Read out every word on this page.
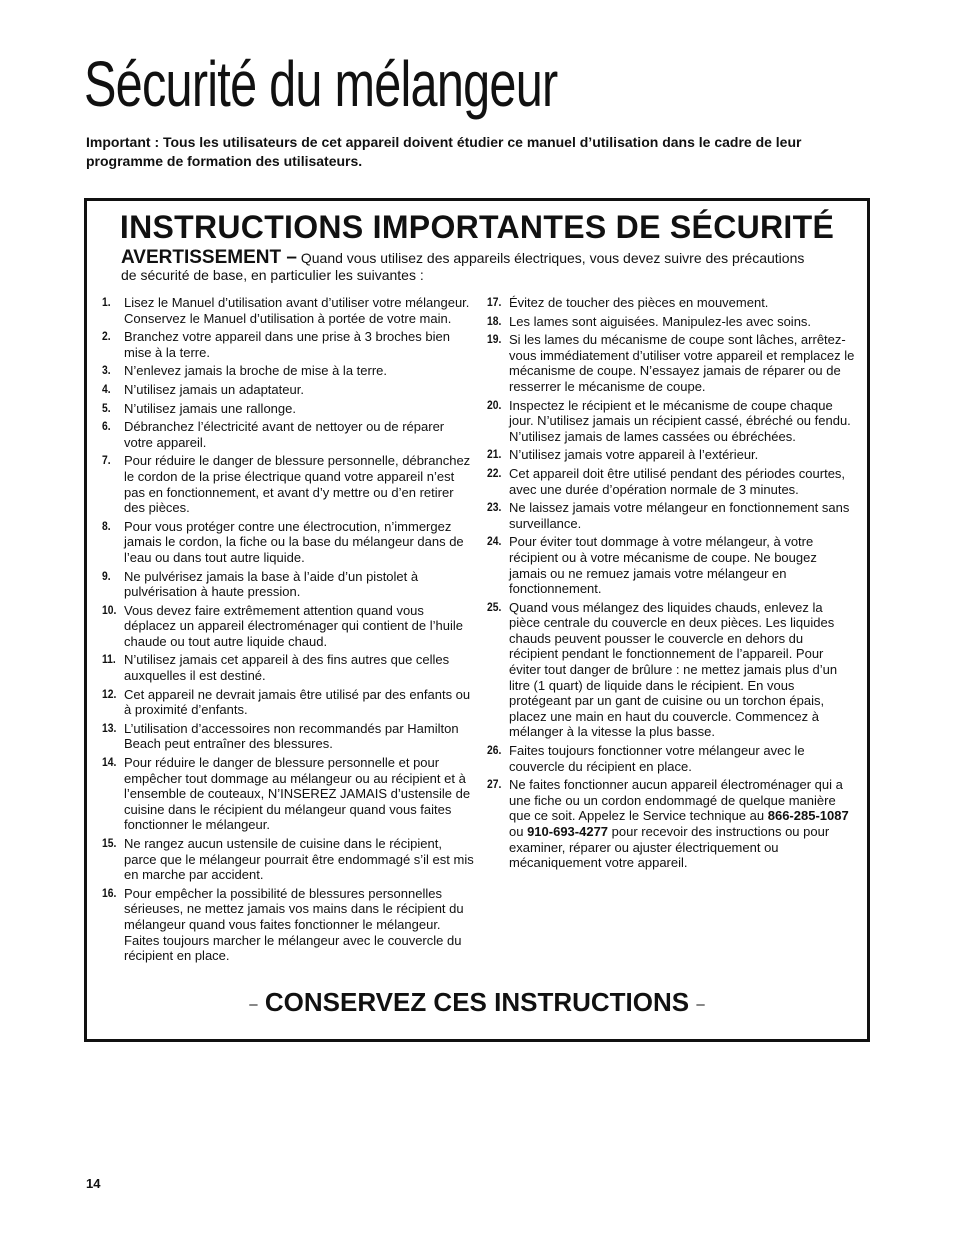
Sécurité du mélangeur

Important : Tous les utilisateurs de cet appareil doivent étudier ce manuel d’utilisation dans le cadre de leur programme de formation des utilisateurs.

INSTRUCTIONS IMPORTANTES DE SÉCURITÉ

AVERTISSEMENT – Quand vous utilisez des appareils électriques, vous devez suivre des précautions de sécurité de base, en particulier les suivantes :

1. Lisez le Manuel d’utilisation avant d’utiliser votre mélangeur. Conservez le Manuel d’utilisation à portée de votre main.
2. Branchez votre appareil dans une prise à 3 broches bien mise à la terre.
3. N’enlevez jamais la broche de mise à la terre.
4. N’utilisez jamais un adaptateur.
5. N’utilisez jamais une rallonge.
6. Débranchez l’électricité avant de nettoyer ou de réparer votre appareil.
7. Pour réduire le danger de blessure personnelle, débranchez le cordon de la prise électrique quand votre appareil n’est pas en fonctionnement, et avant d’y mettre ou d’en retirer des pièces.
8. Pour vous protéger contre une électrocution, n’immergez jamais le cordon, la fiche ou la base du mélangeur dans de l’eau ou dans tout autre liquide.
9. Ne pulvérisez jamais la base à l’aide d’un pistolet à pulvérisation à haute pression.
10. Vous devez faire extrêmement attention quand vous déplacez un appareil électroménager qui contient de l’huile chaude ou tout autre liquide chaud.
11. N’utilisez jamais cet appareil à des fins autres que celles auxquelles il est destiné.
12. Cet appareil ne devrait jamais être utilisé par des enfants ou à proximité d’enfants.
13. L’utilisation d’accessoires non recommandés par Hamilton Beach peut entraîner des blessures.
14. Pour réduire le danger de blessure personnelle et pour empêcher tout dommage au mélangeur ou au récipient et à l’ensemble de couteaux, N’INSEREZ JAMAIS d’ustensile de cuisine dans le récipient du mélangeur quand vous faites fonctionner le mélangeur.
15. Ne rangez aucun ustensile de cuisine dans le récipient, parce que le mélangeur pourrait être endommagé s’il est mis en marche par accident.
16. Pour empêcher la possibilité de blessures personnelles sérieuses, ne mettez jamais vos mains dans le récipient du mélangeur quand vous faites fonctionner le mélangeur. Faites toujours marcher le mélangeur avec le couvercle du récipient en place.
17. Évitez de toucher des pièces en mouvement.
18. Les lames sont aiguisées. Manipulez-les avec soins.
19. Si les lames du mécanisme de coupe sont lâches, arrêtez-vous immédiatement d’utiliser votre appareil et remplacez le mécanisme de coupe. N’essayez jamais de réparer ou de resserrer le mécanisme de coupe.
20. Inspectez le récipient et le mécanisme de coupe chaque jour. N’utilisez jamais un récipient cassé, ébréché ou fendu. N’utilisez jamais de lames cassées ou ébréchées.
21. N’utilisez jamais votre appareil à l’extérieur.
22. Cet appareil doit être utilisé pendant des périodes courtes, avec une durée d’opération normale de 3 minutes.
23. Ne laissez jamais votre mélangeur en fonctionnement sans surveillance.
24. Pour éviter tout dommage à votre mélangeur, à votre récipient ou à votre mécanisme de coupe. Ne bougez jamais ou ne remuez jamais votre mélangeur en fonctionnement.
25. Quand vous mélangez des liquides chauds, enlevez la pièce centrale du couvercle en deux pièces. Les liquides chauds peuvent pousser le couvercle en dehors du récipient pendant le fonctionnement de l’appareil. Pour éviter tout danger de brûlure : ne mettez jamais plus d’un litre (1 quart) de liquide dans le récipient. En vous protégeant par un gant de cuisine ou un torchon épais, placez une main en haut du couvercle. Commencez à mélanger à la vitesse la plus basse.
26. Faites toujours fonctionner votre mélangeur avec le couvercle du récipient en place.
27. Ne faites fonctionner aucun appareil électroménager qui a une fiche ou un cordon endommagé de quelque manière que ce soit. Appelez le Service technique au 866-285-1087 ou 910-693-4277 pour recevoir des instructions ou pour examiner, réparer ou ajuster électriquement ou mécaniquement votre appareil.

– CONSERVEZ CES INSTRUCTIONS –

14
